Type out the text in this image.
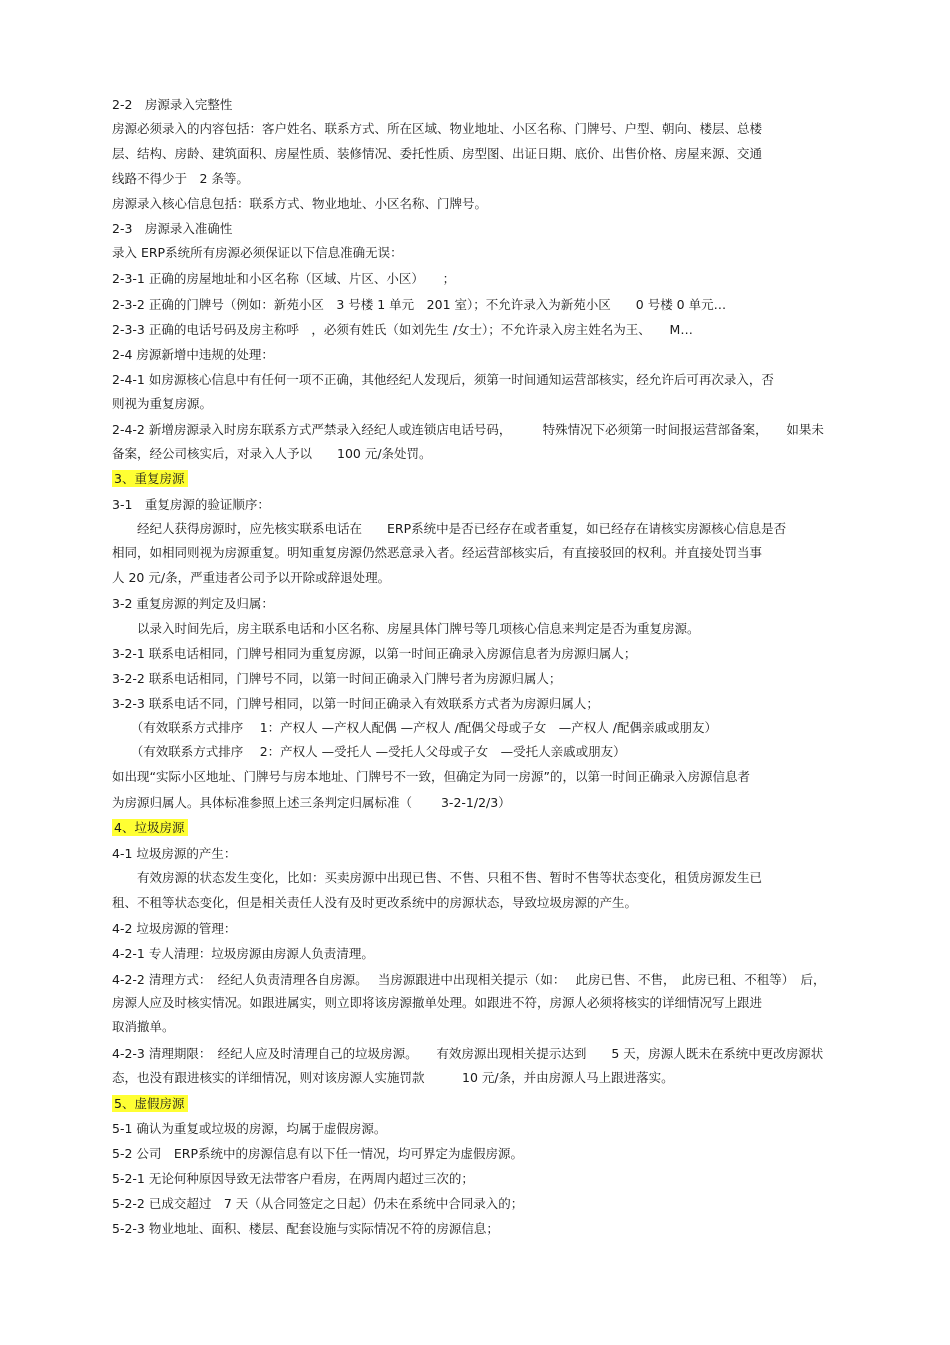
2-2　房源录入完整性
房源必须录入的内容包括：客户姓名、联系方式、所在区域、物业地址、小区名称、门牌号、户型、朝向、楼层、总楼
层、结构、房龄、建筑面积、房屋性质、装修情况、委托性质、房型图、出证日期、底价、出售价格、房屋来源、交通
线路不得少于　2 条等。
房源录入核心信息包括：联系方式、物业地址、小区名称、门牌号。
2-3　房源录入准确性
录入 ERP系统所有房源必须保证以下信息准确无误：
2-3-1 正确的房屋地址和小区名称（区域、片区、小区）　　；
2-3-2 正确的门牌号（例如：新苑小区　3 号楼 1 单元　201 室）；不允许录入为新苑小区　　0 号楼 0 单元…
2-3-3 正确的电话号码及房主称呼　，必须有姓氏（如刘先生 /女士）；不允许录入房主姓名为王、　　M…
2-4 房源新增中违规的处理：
2-4-1 如房源核心信息中有任何一项不正确，其他经纪人发现后，须第一时间通知运营部核实，经允许后可再次录入，否
则视为重复房源。
2-4-2 新增房源录入时房东联系方式严禁录入经纪人或连锁店电话号码，　　　特殊情况下必须第一时间报运营部备案，　　如果未
备案，经公司核实后，对录入人予以　　100 元/条处罚。
3、重复房源
3-1　重复房源的验证顺序：
　　经纪人获得房源时，应先核实联系电话在　　ERP系统中是否已经存在或者重复，如已经存在请核实房源核心信息是否
相同，如相同则视为房源重复。明知重复房源仍然恶意录入者。经运营部核实后，有直接驳回的权利。并直接处罚当事
人 20 元/条，严重违者公司予以开除或辞退处理。
3-2 重复房源的判定及归属：
　　以录入时间先后，房主联系电话和小区名称、房屋具体门牌号等几项核心信息来判定是否为重复房源。
3-2-1 联系电话相同，门牌号相同为重复房源，以第一时间正确录入房源信息者为房源归属人；
3-2-2 联系电话相同，门牌号不同，以第一时间正确录入门牌号者为房源归属人；
3-2-3 联系电话不同，门牌号相同，以第一时间正确录入有效联系方式者为房源归属人；
　　（有效联系方式排序　 1：产权人 —产权人配偶 —产权人 /配偶父母或子女　—产权人 /配偶亲戚或朋友）
　　（有效联系方式排序　 2：产权人 —受托人 —受托人父母或子女　—受托人亲戚或朋友）
如出现“实际小区地址、门牌号与房本地址、门牌号不一致，但确定为同一房源”的，以第一时间正确录入房源信息者
为房源归属人。具体标准参照上述三条判定归属标准（　　 3-2-1/2/3）
4、垃圾房源
4-1 垃圾房源的产生：
　　有效房源的状态发生变化，比如：买卖房源中出现已售、不售、只租不售、暂时不售等状态变化，租赁房源发生已
租、不租等状态变化，但是相关责任人没有及时更改系统中的房源状态，导致垃圾房源的产生。
4-2 垃圾房源的管理：
4-2-1 专人清理：垃圾房源由房源人负责清理。
4-2-2 清理方式：　经纪人负责清理各自房源。　 当房源跟进中出现相关提示（如：　 此房已售、不售，　此房已租、不租等）　后，
房源人应及时核实情况。如跟进属实，则立即将该房源撤单处理。如跟进不符，房源人必须将核实的详细情况写上跟进
取消撤单。
4-2-3 清理期限：　经纪人应及时清理自己的垃圾房源。　　有效房源出现相关提示达到　　5 天，房源人既未在系统中更改房源状
态，也没有跟进核实的详细情况，则对该房源人实施罚款　　　10 元/条，并由房源人马上跟进落实。
5、虚假房源
5-1 确认为重复或垃圾的房源，均属于虚假房源。
5-2 公司　ERP系统中的房源信息有以下任一情况，均可界定为虚假房源。
5-2-1 无论何种原因导致无法带客户看房，在两周内超过三次的；
5-2-2 已成交超过　7 天（从合同签定之日起）仍未在系统中合同录入的；
5-2-3 物业地址、面积、楼层、配套设施与实际情况不符的房源信息；
